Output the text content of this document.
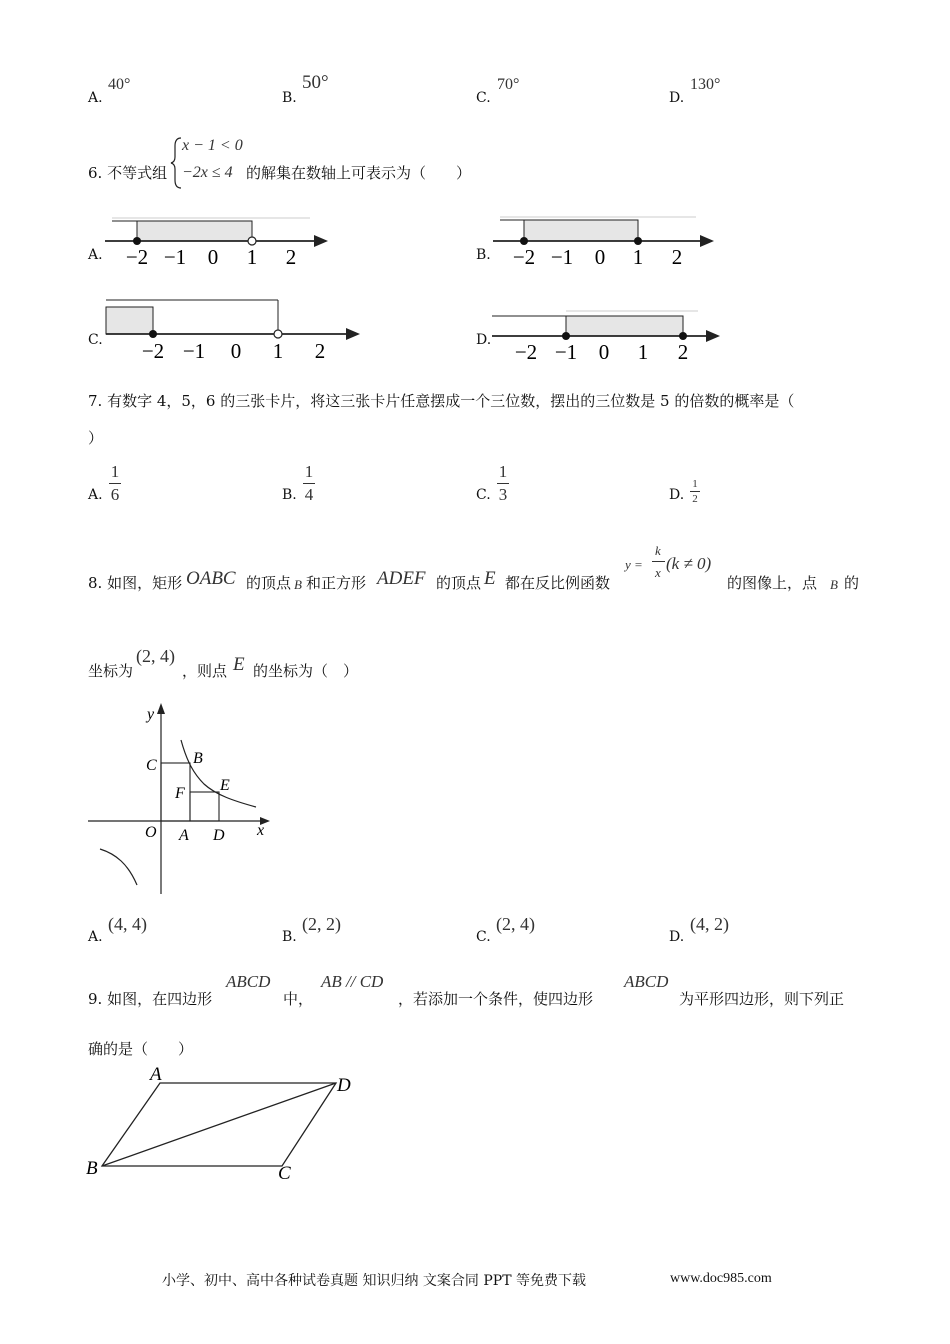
A.
40°
B.
50°
C.
70°
D.
130°
6. 不等式组
x − 1 < 0
−2x ≤ 4 的解集在数轴上可表示为（　　）
A. −2 −1 0 1 2	B. −2 −1 0 1 2
C. −2 −1 0 1 2	D. −2 −1 0 1 2
7. 有数字 4，5，6 的三张卡片，将这三张卡片任意摆成一个三位数，摆出的三位数是 5 的倍数的概率是（
）
A.
1
6	B.
1
4	C.
1
3	D.
1
2
8. 如图，矩形 OABC 的顶点 B 和正方形 ADEF 的顶点 E 都在反比例函数
y =
k
x (k ≠ 0)
的图像上，点 B 的
坐标为
(2, 4)
，则点 E 的坐标为（　）
y
x
O A D
C B
F E
A.
(4, 4)
B.
(2, 2)
C.
(2, 4)
D.
(4, 2)
9. 如图，在四边形
ABCD
中，
AB // CD
，若添加一个条件，使四边形
ABCD
为平形四边形，则下列正
确的是（　　）
A
D
B	C
小学、初中、高中各种试卷真题 知识归纳 文案合同 PPT 等免费下载	www.doc985.com
